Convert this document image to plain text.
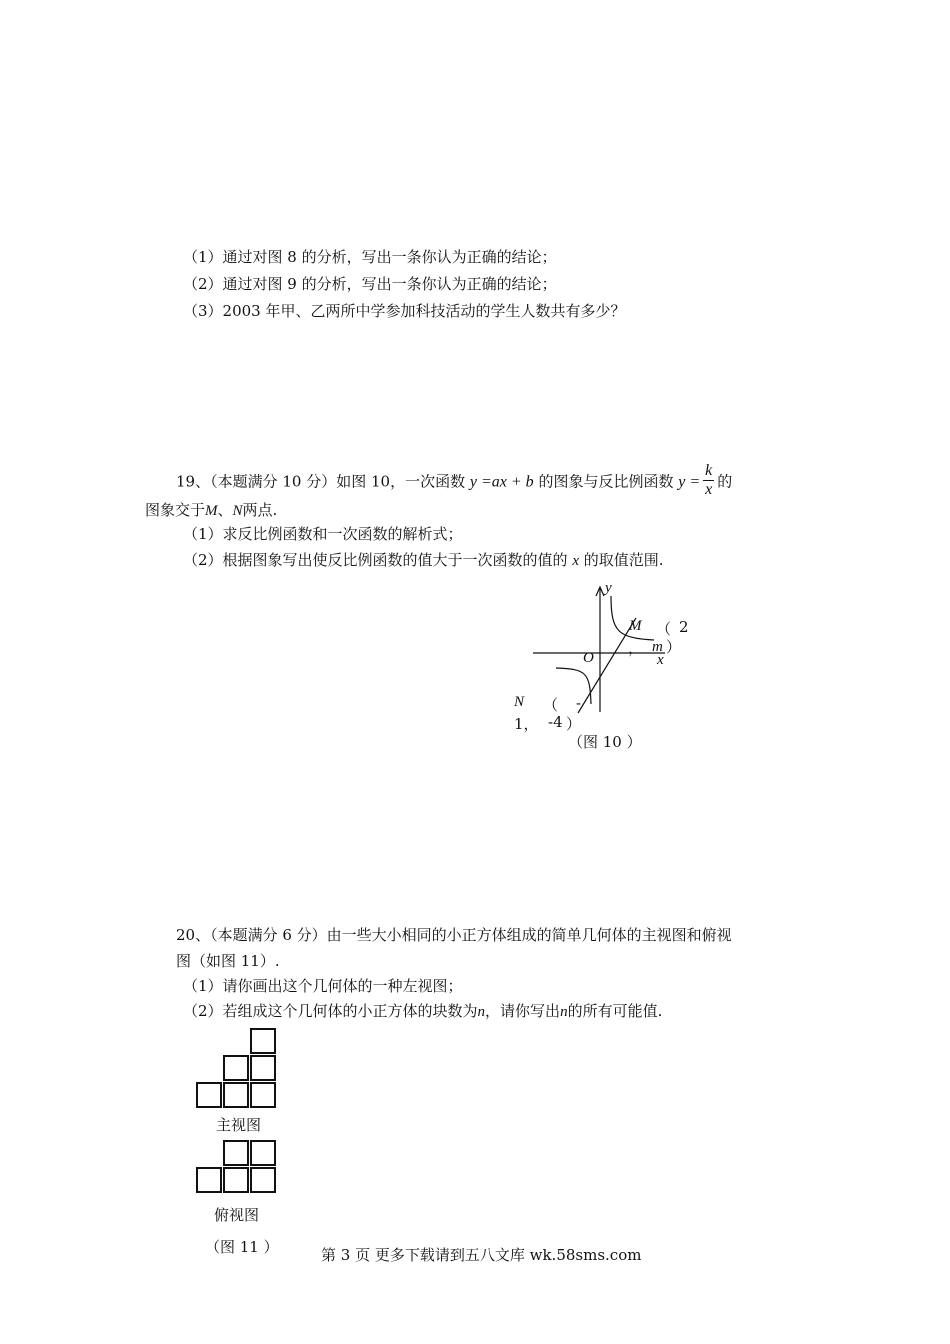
（1）通过对图 8 的分析，写出一条你认为正确的结论；
（2）通过对图 9 的分析，写出一条你认为正确的结论；
（3）2003 年甲、乙两所中学参加科技活动的学生人数共有多少？
19、（本题满分 10 分）如图 10，一次函数 y =ax + b 的图象与反比例函数 $y = \frac{k}{x}$ 的
图象交于M、N两点.
（1）求反比例函数和一次函数的解析式；
（2）根据图象写出使反比例函数的值大于一次函数的值的 x 的取值范围.
y
x
O
M （ 2
， m ）
N （ -
1， -4 ）
（图 10 ）
20、（本题满分 6 分）由一些大小相同的小正方体组成的简单几何体的主视图和俯视
图（如图 11）.
（1）请你画出这个几何体的一种左视图；
（2）若组成这个几何体的小正方体的块数为n，请你写出n的所有可能值.
主视图
俯视图
（图 11 ）	第 3 页 更多下载请到五八文库 wk.58sms.com
